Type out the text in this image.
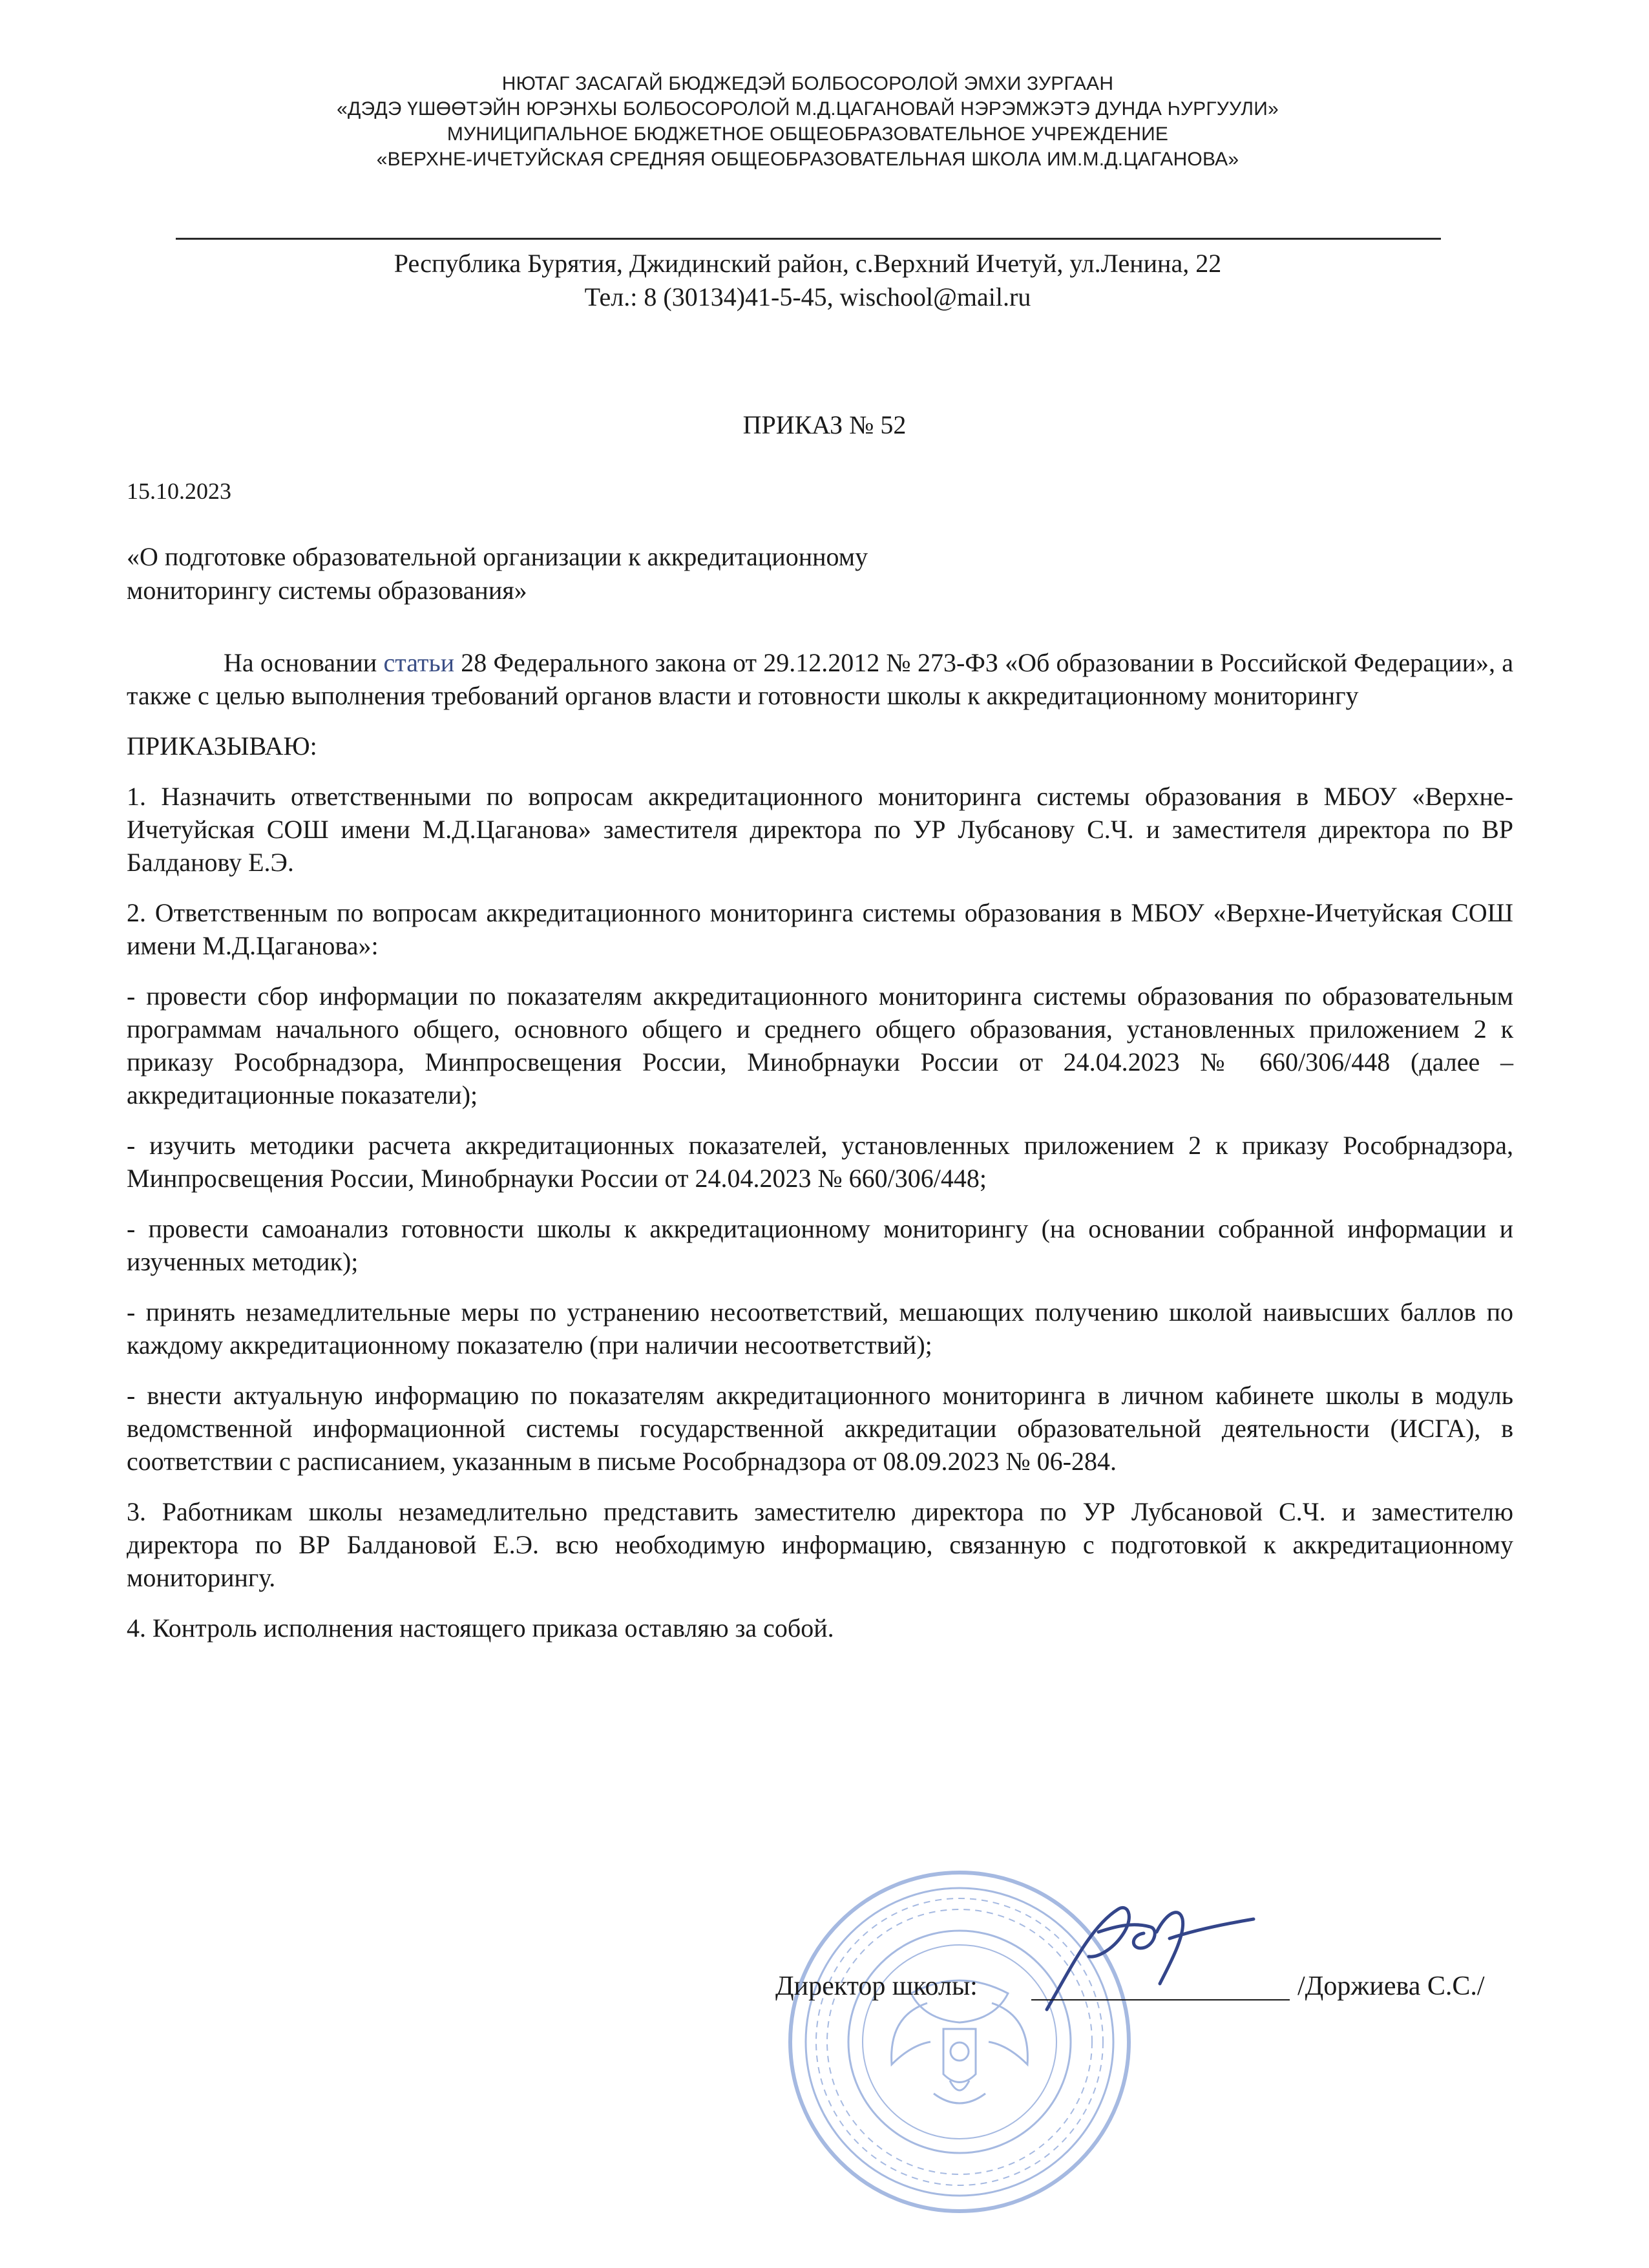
НЮТАГ ЗАСАГАЙ БЮДЖЕДЭЙ БОЛБОСОРОЛОЙ ЭМХИ ЗУРГААН
«ДЭДЭ ҮШӨӨТЭЙН ЮРЭНХЫ БОЛБОСОРОЛОЙ М.Д.ЦАГАНОВАЙ НЭРЭМЖЭТЭ ДУНДА ҺУРГУУЛИ»
МУНИЦИПАЛЬНОЕ БЮДЖЕТНОЕ ОБЩЕОБРАЗОВАТЕЛЬНОЕ УЧРЕЖДЕНИЕ
«ВЕРХНЕ-ИЧЕТУЙСКАЯ СРЕДНЯЯ ОБЩЕОБРАЗОВАТЕЛЬНАЯ ШКОЛА ИМ.М.Д.ЦАГАНОВА»
Республика Бурятия, Джидинский район, с.Верхний Ичетуй, ул.Ленина, 22
Тел.: 8 (30134)41-5-45, wischool@mail.ru
ПРИКАЗ № 52
15.10.2023
«О подготовке образовательной организации к аккредитационному
мониторингу системы образования»

На основании статьи 28 Федерального закона от 29.12.2012 № 273-ФЗ «Об образовании в Российской Федерации», а также с целью выполнения требований органов власти и готовности школы к аккредитационному мониторингу

ПРИКАЗЫВАЮ:

1. Назначить ответственными по вопросам аккредитационного мониторинга системы образования в МБОУ «Верхне-Ичетуйская СОШ имени М.Д.Цаганова» заместителя директора по УР Лубсанову С.Ч. и заместителя директора по ВР Балданову Е.Э.

2. Ответственным по вопросам аккредитационного мониторинга системы образования в МБОУ «Верхне-Ичетуйская СОШ имени М.Д.Цаганова»:

- провести сбор информации по показателям аккредитационного мониторинга системы образования по образовательным программам начального общего, основного общего и среднего общего образования, установленных приложением 2 к приказу Рособрнадзора, Минпросвещения России, Минобрнауки России от 24.04.2023 № 660/306/448 (далее – аккредитационные показатели);

- изучить методики расчета аккредитационных показателей, установленных приложением 2 к приказу Рособрнадзора, Минпросвещения России, Минобрнауки России от 24.04.2023 № 660/306/448;

- провести самоанализ готовности школы к аккредитационному мониторингу (на основании собранной информации и изученных методик);

- принять незамедлительные меры по устранению несоответствий, мешающих получению школой наивысших баллов по каждому аккредитационному показателю (при наличии несоответствий);

- внести актуальную информацию по показателям аккредитационного мониторинга в личном кабинете школы в модуль ведомственной информационной системы государственной аккредитации образовательной деятельности (ИСГА), в соответствии с расписанием, указанным в письме Рособрнадзора от 08.09.2023 № 06-284.

3. Работникам школы незамедлительно представить заместителю директора по УР Лубсановой С.Ч. и заместителю директора по ВР Балдановой Е.Э. всю необходимую информацию, связанную с подготовкой к аккредитационному мониторингу.

4. Контроль исполнения настоящего приказа оставляю за собой.

Директор школы:	/Доржиева С.С./
